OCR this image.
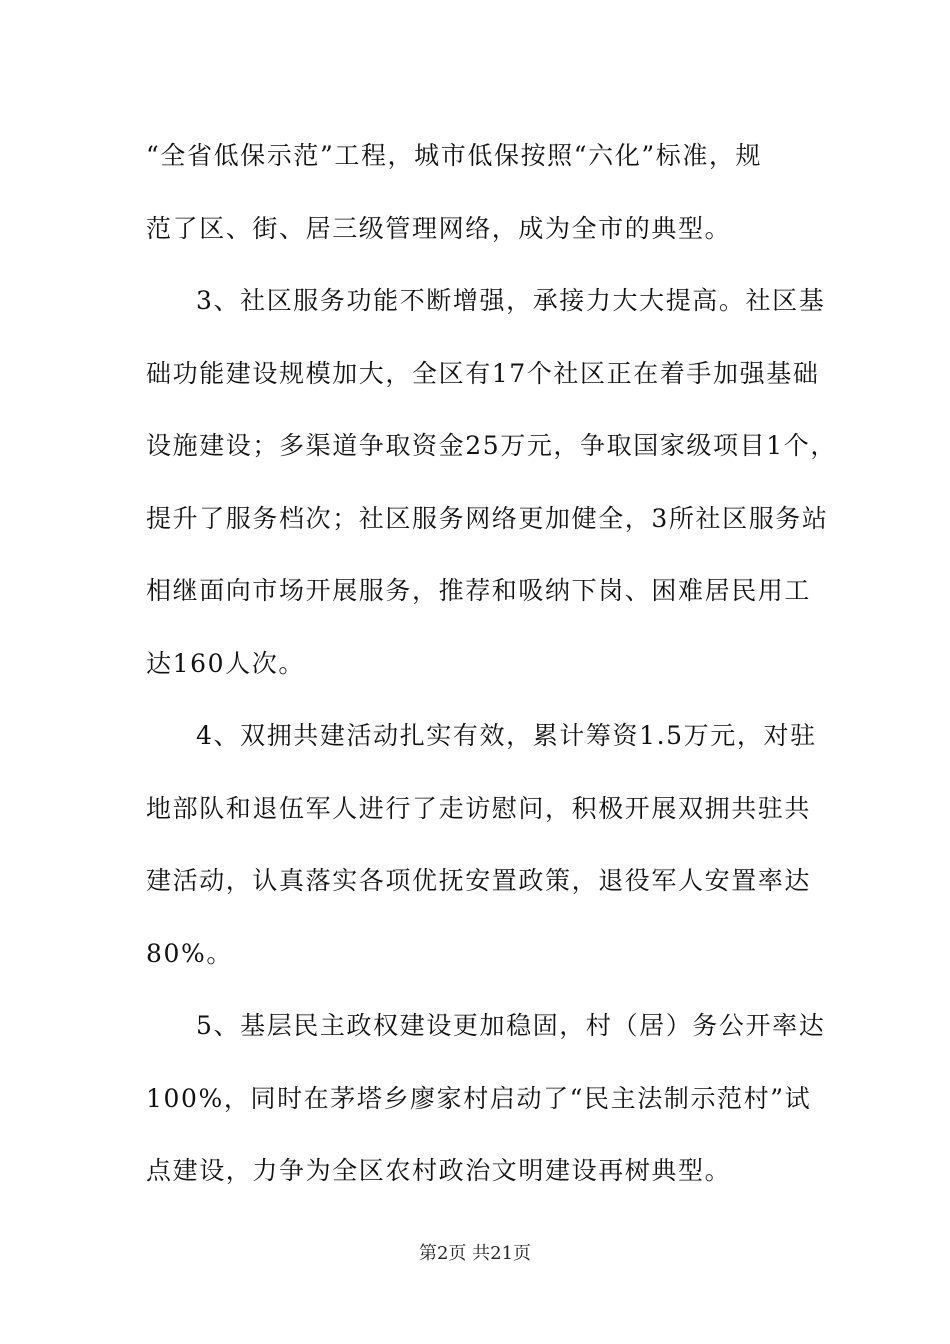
“全省低保示范”工程，城市低保按照“六化”标准，规
范了区、街、居三级管理网络，成为全市的典型。
3、社区服务功能不断增强，承接力大大提高。社区基
础功能建设规模加大，全区有17个社区正在着手加强基础
设施建设；多渠道争取资金25万元，争取国家级项目1个，
提升了服务档次；社区服务网络更加健全，3所社区服务站
相继面向市场开展服务，推荐和吸纳下岗、困难居民用工
达160人次。
4、双拥共建活动扎实有效，累计筹资1.5万元，对驻
地部队和退伍军人进行了走访慰问，积极开展双拥共驻共
建活动，认真落实各项优抚安置政策，退役军人安置率达
80%。
5、基层民主政权建设更加稳固，村（居）务公开率达
100%，同时在茅塔乡廖家村启动了“民主法制示范村”试
点建设，力争为全区农村政治文明建设再树典型。
第2页 共21页
